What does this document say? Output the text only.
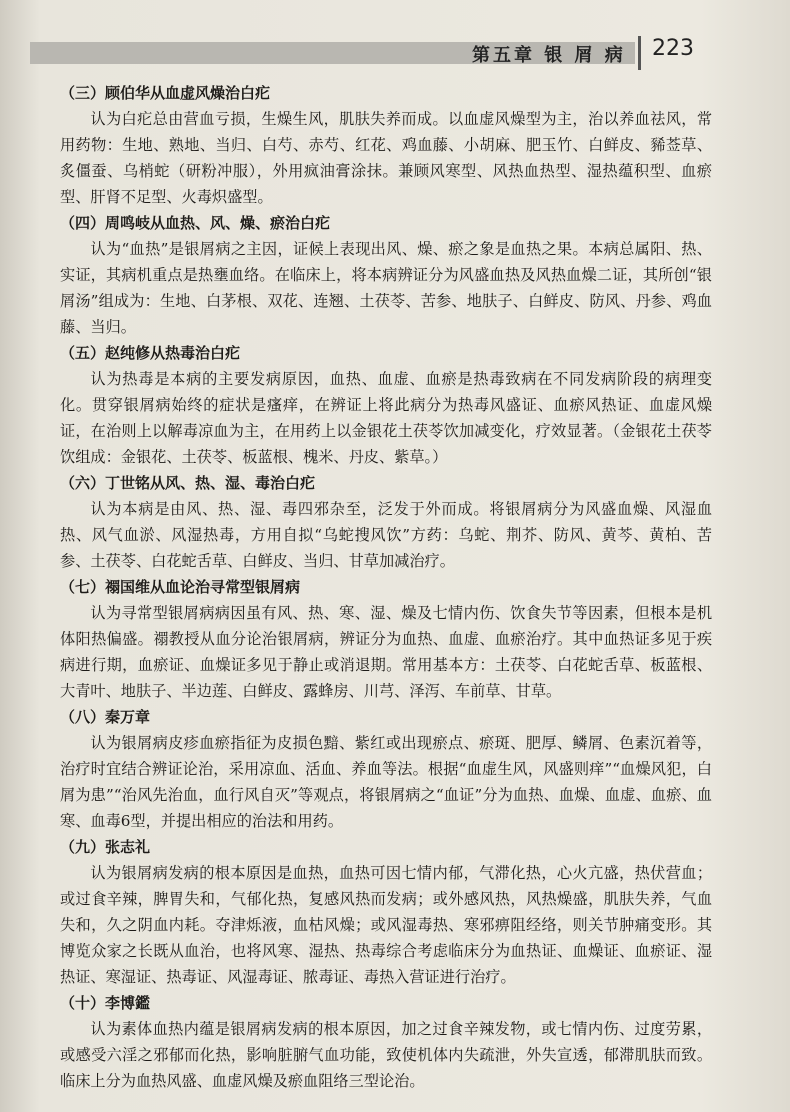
第五章 银 屑 病 223
（三）顾伯华从血虚风燥治白疕

认为白疕总由营血亏损，生燥生风，肌肤失养而成。以血虚风燥型为主，治以养血祛风，常用药物：生地、熟地、当归、白芍、赤芍、红花、鸡血藤、小胡麻、肥玉竹、白鲜皮、豨莶草、炙僵蚕、乌梢蛇（研粉冲服），外用疯油膏涂抹。兼顾风寒型、风热血热型、湿热蕴积型、血瘀型、肝肾不足型、火毒炽盛型。

（四）周鸣岐从血热、风、燥、瘀治白疕

认为“血热”是银屑病之主因，证候上表现出风、燥、瘀之象是血热之果。本病总属阳、热、实证，其病机重点是热壅血络。在临床上，将本病辨证分为风盛血热及风热血燥二证，其所创“银屑汤”组成为：生地、白茅根、双花、连翘、土茯苓、苦参、地肤子、白鲜皮、防风、丹参、鸡血藤、当归。

（五）赵纯修从热毒治白疕

认为热毒是本病的主要发病原因，血热、血虚、血瘀是热毒致病在不同发病阶段的病理变化。贯穿银屑病始终的症状是瘙痒，在辨证上将此病分为热毒风盛证、血瘀风热证、血虚风燥证，在治则上以解毒凉血为主，在用药上以金银花土茯苓饮加减变化，疗效显著。（金银花土茯苓饮组成：金银花、土茯苓、板蓝根、槐米、丹皮、紫草。）

（六）丁世铭从风、热、湿、毒治白疕

认为本病是由风、热、湿、毒四邪杂至，泛发于外而成。将银屑病分为风盛血燥、风湿血热、风气血淤、风湿热毒，方用自拟“乌蛇搜风饮”方药：乌蛇、荆芥、防风、黄芩、黄柏、苦参、土茯苓、白花蛇舌草、白鲜皮、当归、甘草加减治疗。

（七）禤国维从血论治寻常型银屑病

认为寻常型银屑病病因虽有风、热、寒、湿、燥及七情内伤、饮食失节等因素，但根本是机体阳热偏盛。禤教授从血分论治银屑病，辨证分为血热、血虚、血瘀治疗。其中血热证多见于疾病进行期，血瘀证、血燥证多见于静止或消退期。常用基本方：土茯苓、白花蛇舌草、板蓝根、大青叶、地肤子、半边莲、白鲜皮、露蜂房、川芎、泽泻、车前草、甘草。

（八）秦万章

认为银屑病皮疹血瘀指征为皮损色黯、紫红或出现瘀点、瘀斑、肥厚、鳞屑、色素沉着等，治疗时宜结合辨证论治，采用凉血、活血、养血等法。根据“血虚生风，风盛则痒”“血燥风犯，白屑为患”“治风先治血，血行风自灭”等观点，将银屑病之“血证”分为血热、血燥、血虚、血瘀、血寒、血毒6型，并提出相应的治法和用药。

（九）张志礼

认为银屑病发病的根本原因是血热，血热可因七情内郁，气滞化热，心火亢盛，热伏营血；或过食辛辣，脾胃失和，气郁化热，复感风热而发病；或外感风热，风热燥盛，肌肤失养，气血失和，久之阴血内耗。夺津烁液，血枯风燥；或风湿毒热、寒邪痹阻经络，则关节肿痛变形。其博览众家之长既从血治，也将风寒、湿热、热毒综合考虑临床分为血热证、血燥证、血瘀证、湿热证、寒湿证、热毒证、风湿毒证、脓毒证、毒热入营证进行治疗。

（十）李博鑑

认为素体血热内蕴是银屑病发病的根本原因，加之过食辛辣发物，或七情内伤、过度劳累，或感受六淫之邪郁而化热，影响脏腑气血功能，致使机体内失疏泄，外失宣透，郁滞肌肤而致。临床上分为血热风盛、血虚风燥及瘀血阻络三型论治。
